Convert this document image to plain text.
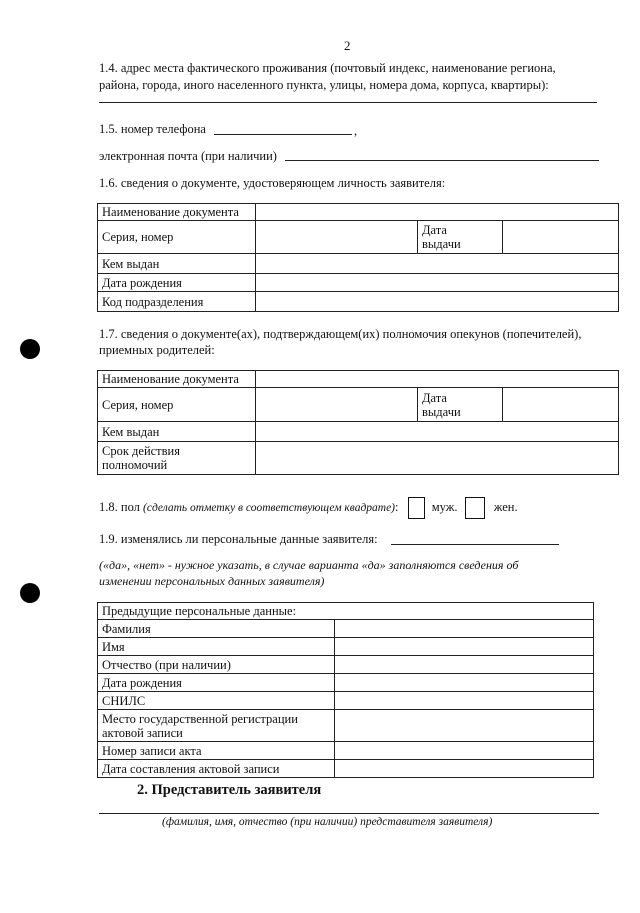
2
1.4. адрес места фактического проживания (почтовый индекс, наименование региона,
района, города, иного населенного пункта, улицы, номера дома, корпуса, квартиры):
1.5. номер телефона	,
электронная почта (при наличии)
1.6. сведения о документе, удостоверяющем личность заявителя:
Наименование документа			
Серия, номер		Дата
выдачи	
Кем выдан			
Дата рождения			
Код подразделения			
1.7. сведения о документе(ах), подтверждающем(их) полномочия опекунов (попечителей),
приемных родителей:
Наименование документа			
Серия, номер		Дата
выдачи	
Кем выдан			
Срок действия
полномочий			
1.8. пол (сделать отметку в соответствующем квадрате):	муж.	жен.
1.9. изменялись ли персональные данные заявителя:
(«да», «нет» - нужное указать, в случае варианта «да» заполняются сведения об
изменении персональных данных заявителя)
Предыдущие персональные данные:	
Фамилия	
Имя	
Отчество (при наличии)	
Дата рождения	
СНИЛС	
Место государственной регистрации актовой записи	
Номер записи акта	
Дата составления актовой записи	
2. Представитель заявителя
(фамилия, имя, отчество (при наличии) представителя заявителя)
